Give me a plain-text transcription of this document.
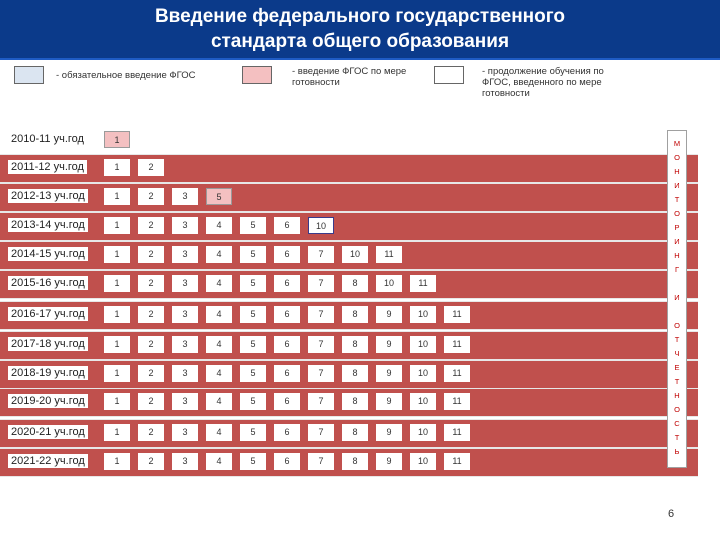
Введение федерального государственного
стандарта общего образования
- обязательное введение ФГОС	- введение ФГОС по мере готовности
- продолжение обучения по ФГОС, введенного по мере готовности
2010-11 уч.год	1
2011-12 уч.год	1	2
2012-13 уч.год	1	2	3	5
2013-14 уч.год	1	2	3	4	5	6	10
2014-15 уч.год	1	2	3	4	5	6	7	10	11
2015-16 уч.год	1	2	3	4	5	6	7	8	10	11
2016-17 уч.год	1	2	3	4	5	6	7	8	9	10	11
2017-18 уч.год	1	2	3	4	5	6	7	8	9	10	11
2018-19 уч.год	1	2	3	4	5	6	7	8	9	10	11
2019-20 уч.год	1	2	3	4	5	6	7	8	9	10	11
2020-21 уч.год	1	2	3	4	5	6	7	8	9	10	11
2021-22 уч.год	1	2	3	4	5	6	7	8	9	10	11
М
О
Н
И
Т
О
Р
И
Н
Г
И
О
Т
Ч
Е
Т
Н
О
С
Т
Ь
6
